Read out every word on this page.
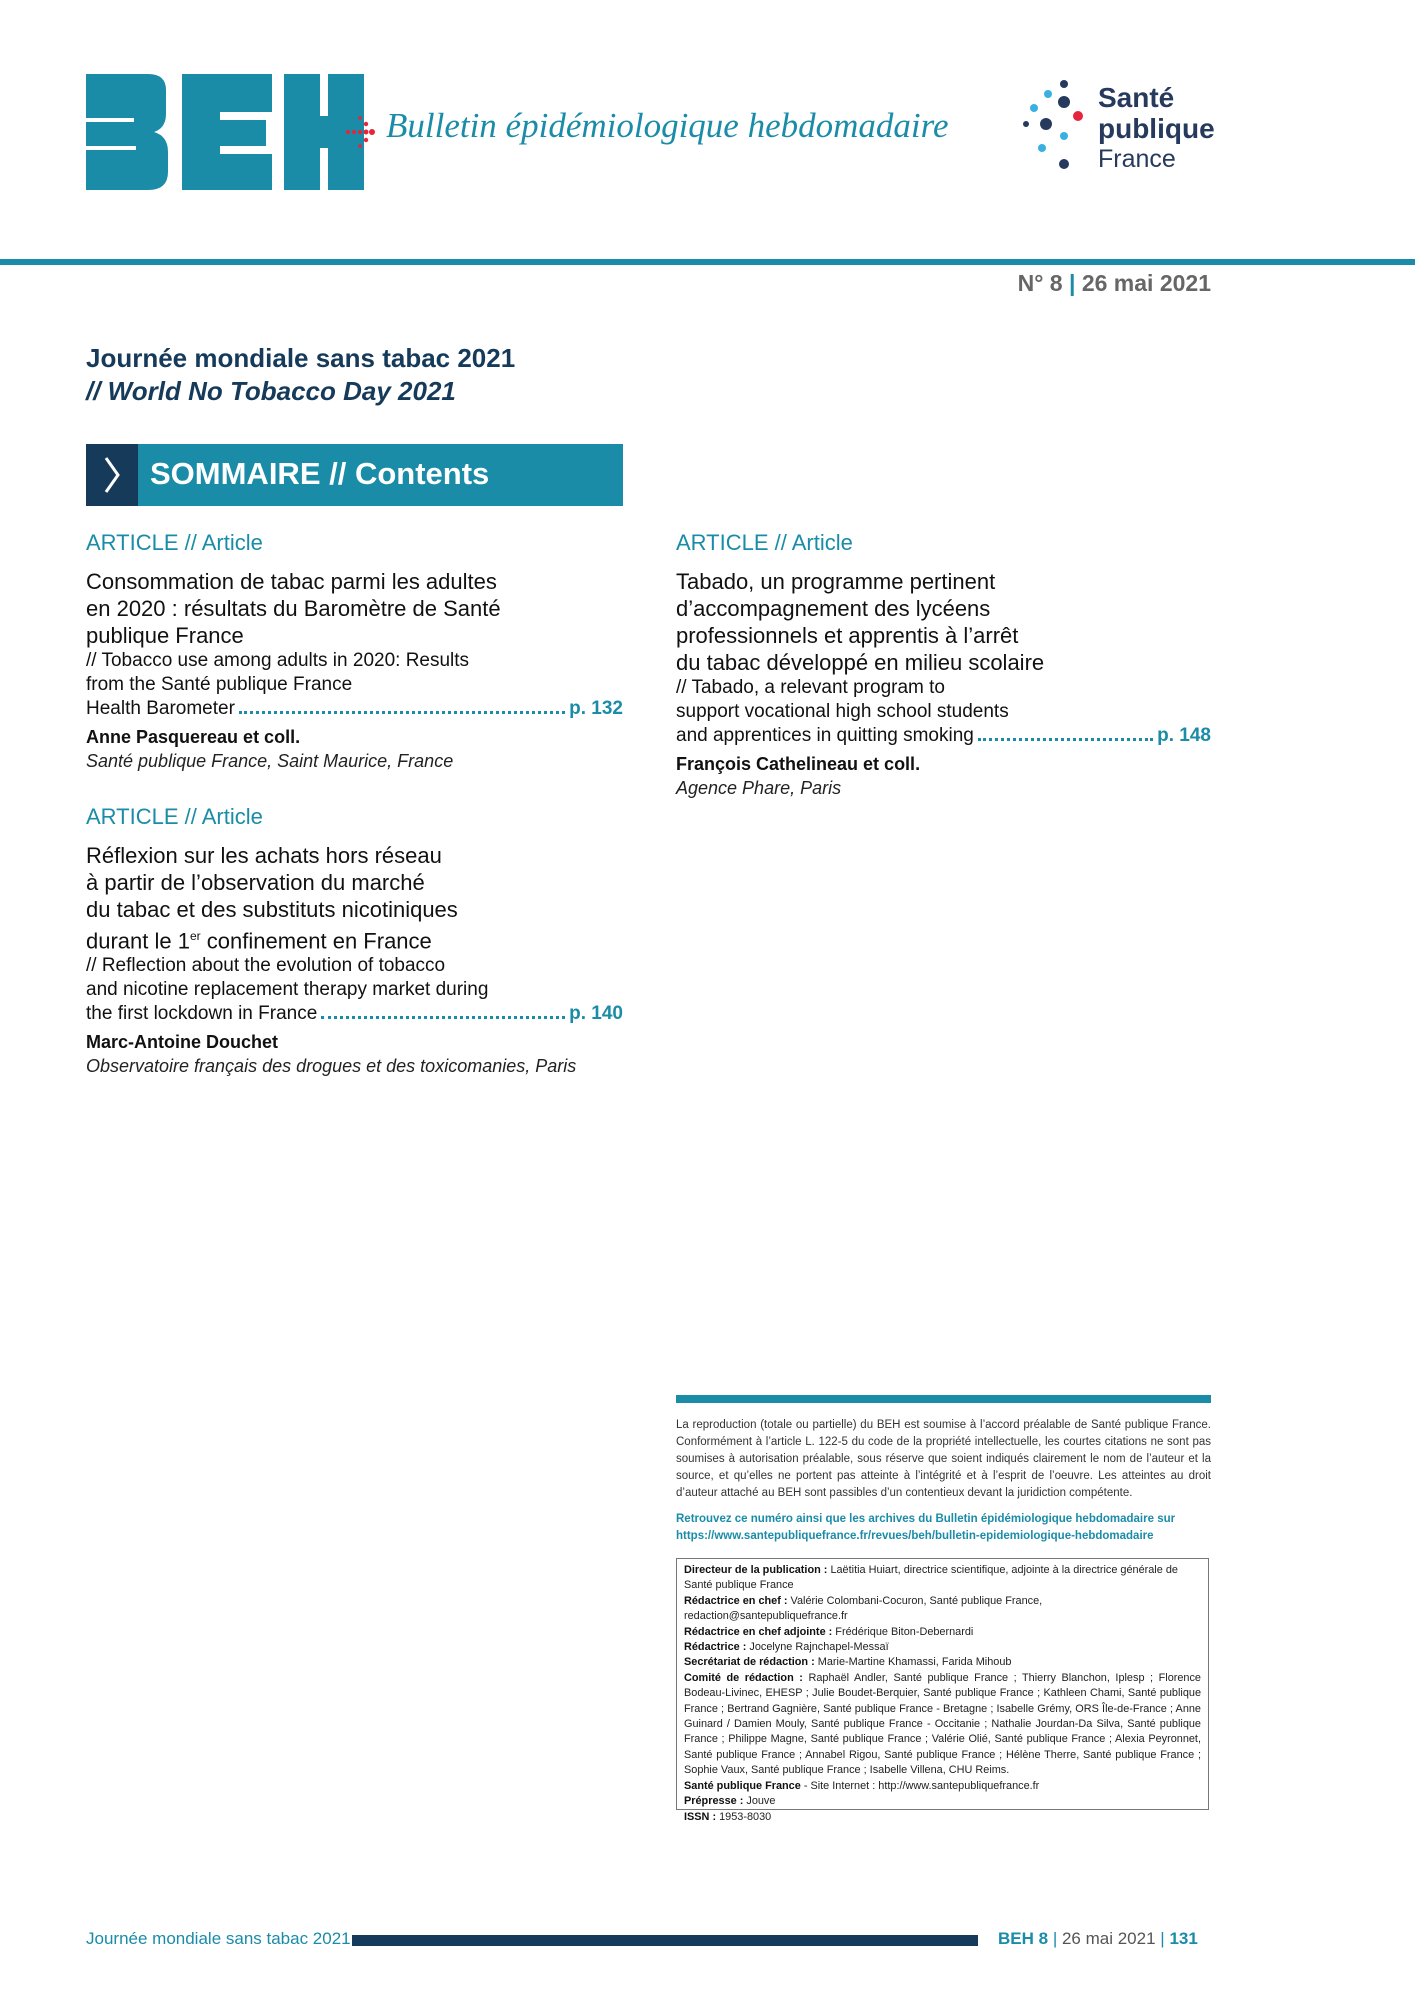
Bulletin épidémiologique hebdomadaire
Santé
publique
France
N° 8 | 26 mai 2021
Journée mondiale sans tabac 2021
// World No Tobacco Day 2021
SOMMAIRE // Contents
ARTICLE // Article
Consommation de tabac parmi les adultes
en 2020 : résultats du Baromètre de Santé
publique France
// Tobacco use among adults in 2020: Results
from the Santé publique France
Health Barometer	p. 132
Anne Pasquereau et coll.
Santé publique France, Saint Maurice, France
ARTICLE // Article
Réflexion sur les achats hors réseau
à partir de l’observation du marché
du tabac et des substituts nicotiniques
durant le 1er confinement en France
// Reflection about the evolution of tobacco
and nicotine replacement therapy market during
the first lockdown in France	p. 140
Marc-Antoine Douchet
Observatoire français des drogues et des toxicomanies, Paris
ARTICLE // Article
Tabado, un programme pertinent
d’accompagnement des lycéens
professionnels et apprentis à l’arrêt
du tabac développé en milieu scolaire
// Tabado, a relevant program to
support vocational high school students
and apprentices in quitting smoking	p. 148
François Cathelineau et coll.
Agence Phare, Paris
La reproduction (totale ou partielle) du BEH est soumise à l’accord préalable de Santé publique France. Conformément à l’article L. 122-5 du code de la propriété intellectuelle, les courtes citations ne sont pas soumises à autorisation préalable, sous réserve que soient indiqués clairement le nom de l’auteur et la source, et qu’elles ne portent pas atteinte à l’intégrité et à l’esprit de l’oeuvre. Les atteintes au droit d’auteur attaché au BEH sont passibles d’un contentieux devant la juridiction compétente.
Retrouvez ce numéro ainsi que les archives du Bulletin épidémiologique hebdomadaire sur https://www.santepubliquefrance.fr/revues/beh/bulletin-epidemiologique-hebdomadaire
Directeur de la publication : Laëtitia Huiart, directrice scientifique, adjointe à la directrice générale de Santé publique France
Rédactrice en chef : Valérie Colombani-Cocuron, Santé publique France, redaction@santepubliquefrance.fr
Rédactrice en chef adjointe : Frédérique Biton-Debernardi
Rédactrice : Jocelyne Rajnchapel-Messaï
Secrétariat de rédaction : Marie-Martine Khamassi, Farida Mihoub

Comité de rédaction : Raphaël Andler, Santé publique France ; Thierry Blanchon, Iplesp ; Florence Bodeau-Livinec, EHESP ; Julie Boudet-Berquier, Santé publique France ; Kathleen Chami, Santé publique France ; Bertrand Gagnière, Santé publique France - Bretagne ; Isabelle Grémy, ORS Île-de-France ; Anne Guinard / Damien Mouly, Santé publique France - Occitanie ; Nathalie Jourdan-Da Silva, Santé publique France ; Philippe Magne, Santé publique France ; Valérie Olié, Santé publique France ; Alexia Peyronnet, Santé publique France ; Annabel Rigou, Santé publique France ; Hélène Therre, Santé publique France ; Sophie Vaux, Santé publique France ; Isabelle Villena, CHU Reims.
Santé publique France - Site Internet : http://www.santepubliquefrance.fr
Prépresse : Jouve
ISSN : 1953-8030
Journée mondiale sans tabac 2021	BEH 8 | 26 mai 2021 | 131
